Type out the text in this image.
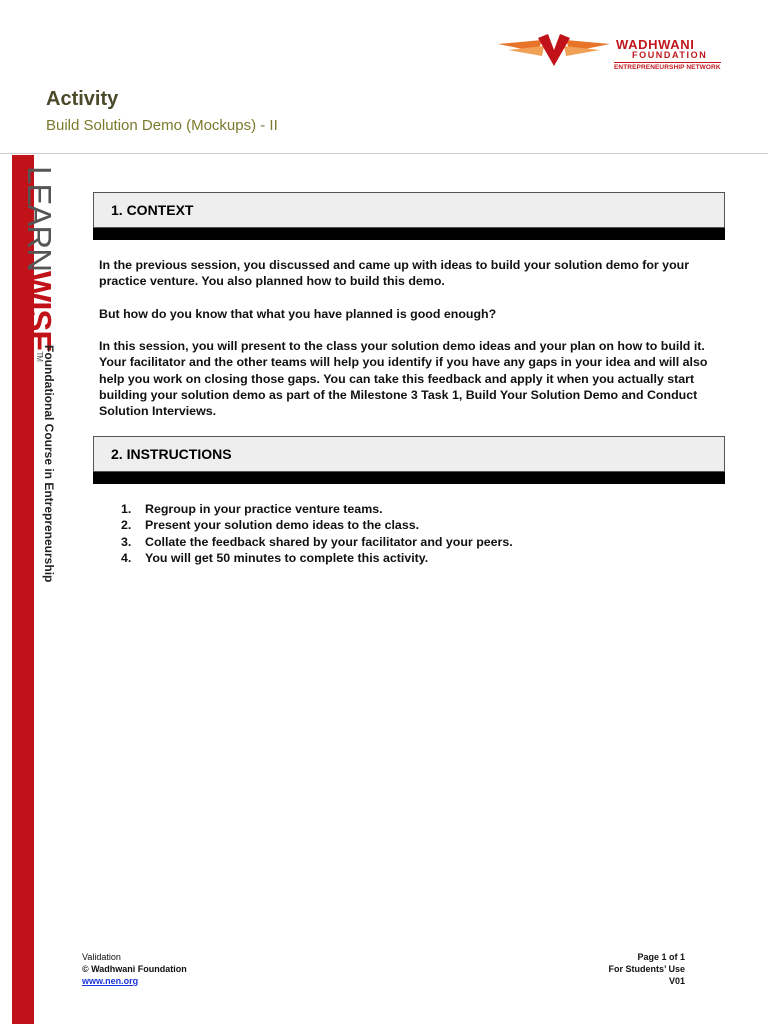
WADHWANI
FOUNDATION
ENTREPRENEURSHIP NETWORK
Activity
Build Solution Demo (Mockups) - II
LEARNWISE™
Foundational Course in Entrepreneurship
1. CONTEXT

In the previous session, you discussed and came up with ideas to build your solution demo for your practice venture. You also planned how to build this demo.

But how do you know that what you have planned is good enough?

In this session, you will present to the class your solution demo ideas and your plan on how to build it. Your facilitator and the other teams will help you identify if you have any gaps in your idea and will also help you work on closing those gaps. You can take this feedback and apply it when you actually start building your solution demo as part of the Milestone 3 Task 1, Build Your Solution Demo and Conduct Solution Interviews.

2. INSTRUCTIONS
1. Regroup in your practice venture teams.
2. Present your solution demo ideas to the class.
3. Collate the feedback shared by your facilitator and your peers.
4. You will get 50 minutes to complete this activity.
Validation
© Wadhwani Foundation
www.nen.org
Page 1 of 1
For Students’ Use
V01
